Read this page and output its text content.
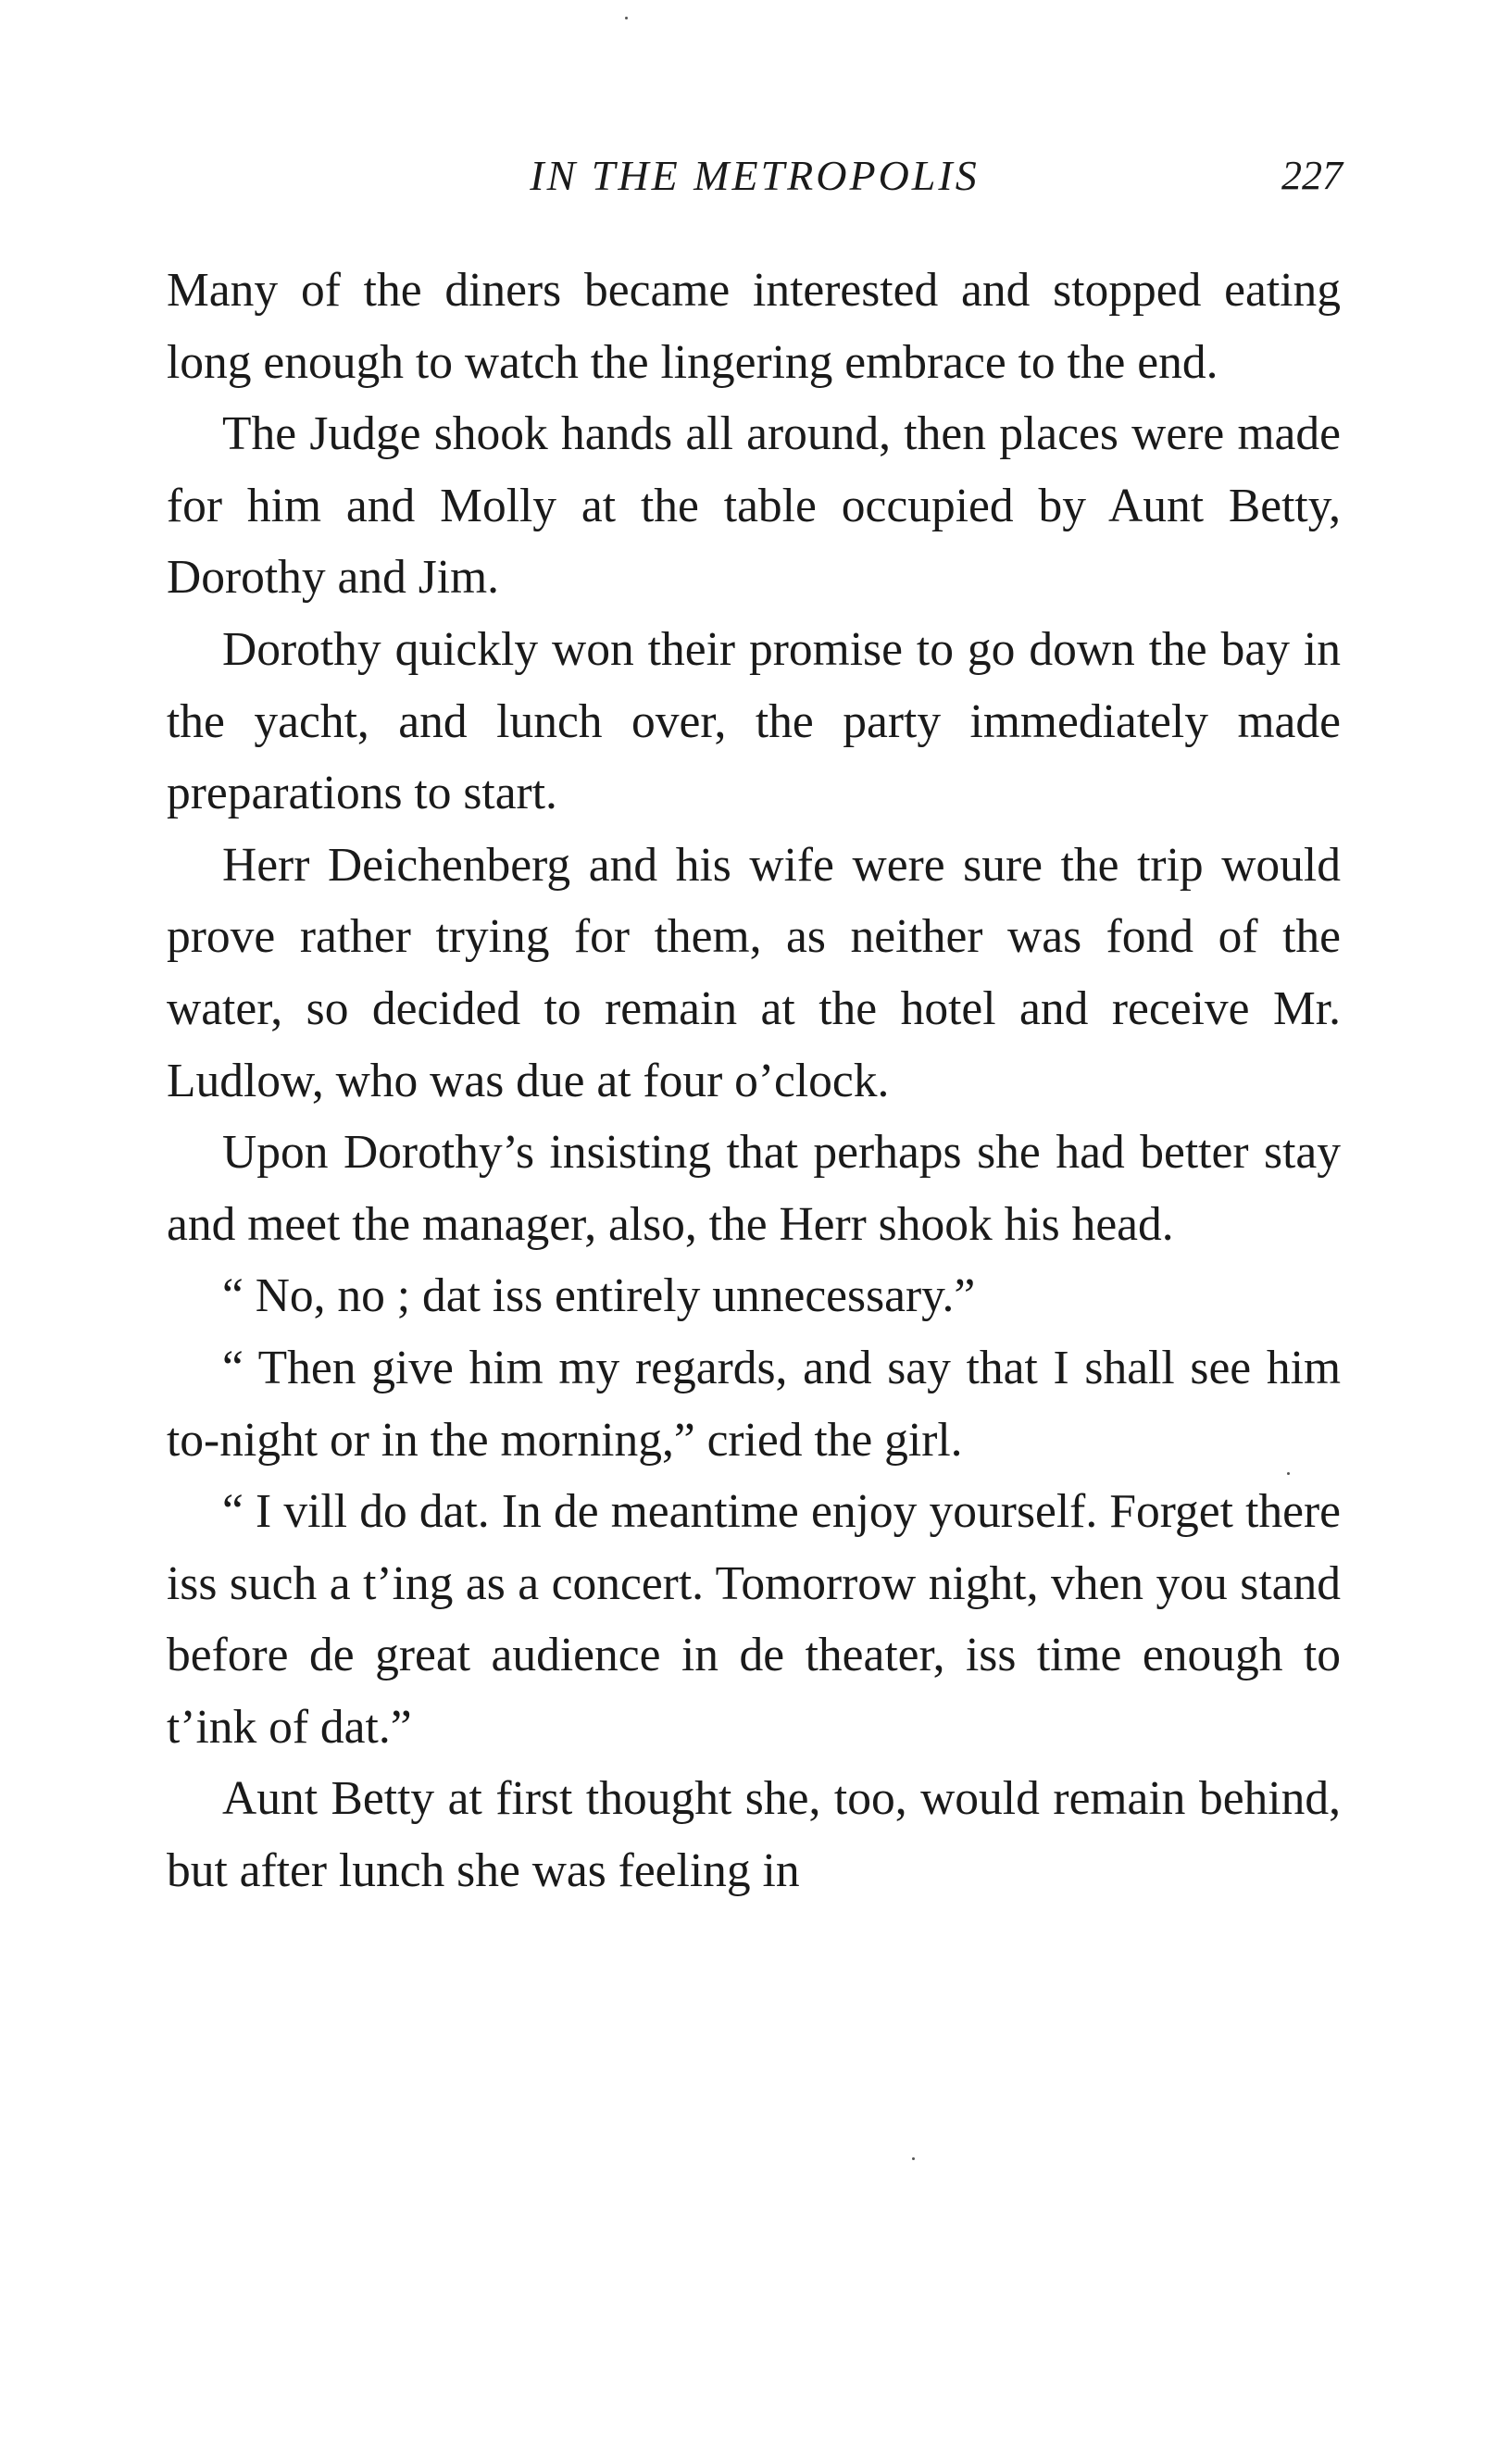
IN THE METROPOLIS	227

Many of the diners became interested and stopped eating long enough to watch the lingering embrace to the end.

The Judge shook hands all around, then places were made for him and Molly at the table occupied by Aunt Betty, Dorothy and Jim.

Dorothy quickly won their promise to go down the bay in the yacht, and lunch over, the party immediately made preparations to start.

Herr Deichenberg and his wife were sure the trip would prove rather trying for them, as neither was fond of the water, so decided to remain at the hotel and receive Mr. Ludlow, who was due at four o’clock.

Upon Dorothy’s insisting that perhaps she had better stay and meet the manager, also, the Herr shook his head.

“ No, no ; dat iss entirely unnecessary.”

“ Then give him my regards, and say that I shall see him to-night or in the morning,” cried the girl.

“ I vill do dat. In de meantime enjoy yourself. Forget there iss such a t’ing as a concert. Tomorrow night, vhen you stand before de great audience in de theater, iss time enough to t’ink of dat.”

Aunt Betty at first thought she, too, would remain behind, but after lunch she was feeling in
